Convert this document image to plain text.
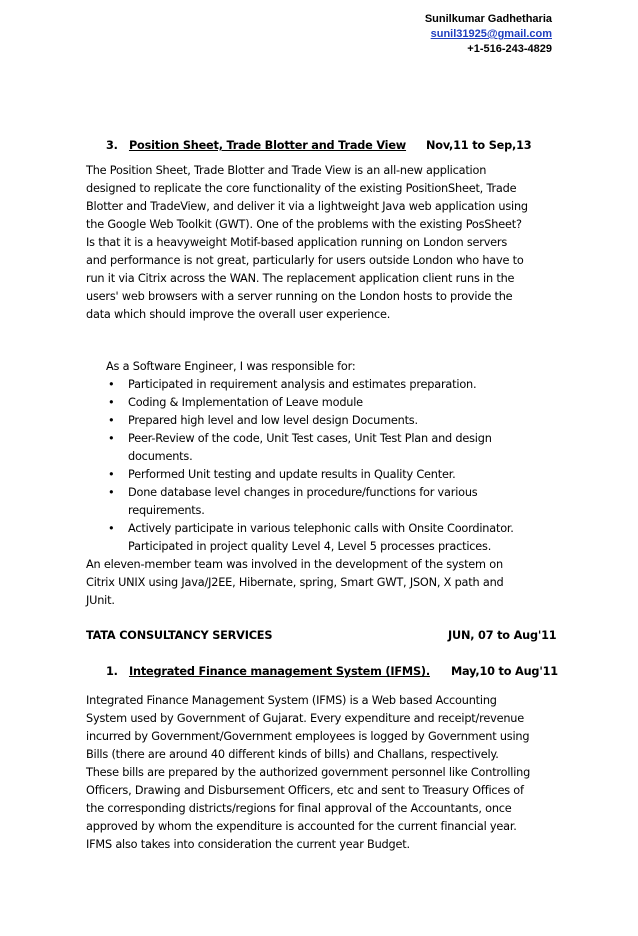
Sunilkumar Gadhetharia
sunil31925@gmail.com
+1-516-243-4829
3. Position Sheet, Trade Blotter and Trade View Nov,11 to Sep,13
The Position Sheet, Trade Blotter and Trade View is an all-new application
designed to replicate the core functionality of the existing PositionSheet, Trade
Blotter and TradeView, and deliver it via a lightweight Java web application using
the Google Web Toolkit (GWT). One of the problems with the existing PosSheet?
Is that it is a heavyweight Motif-based application running on London servers
and performance is not great, particularly for users outside London who have to
run it via Citrix across the WAN. The replacement application client runs in the
users' web browsers with a server running on the London hosts to provide the
data which should improve the overall user experience.
As a Software Engineer, I was responsible for:
• Participated in requirement analysis and estimates preparation.
• Coding & Implementation of Leave module
• Prepared high level and low level design Documents.
• Peer-Review of the code, Unit Test cases, Unit Test Plan and design
documents.
• Performed Unit testing and update results in Quality Center.
• Done database level changes in procedure/functions for various
requirements.
• Actively participate in various telephonic calls with Onsite Coordinator.
Participated in project quality Level 4, Level 5 processes practices.
An eleven-member team was involved in the development of the system on
Citrix UNIX using Java/J2EE, Hibernate, spring, Smart GWT, JSON, X path and
JUnit.
TATA CONSULTANCY SERVICES	JUN, 07 to Aug'11
1. Integrated Finance management System (IFMS). May,10 to Aug'11
Integrated Finance Management System (IFMS) is a Web based Accounting
System used by Government of Gujarat. Every expenditure and receipt/revenue
incurred by Government/Government employees is logged by Government using
Bills (there are around 40 different kinds of bills) and Challans, respectively.
These bills are prepared by the authorized government personnel like Controlling
Officers, Drawing and Disbursement Officers, etc and sent to Treasury Offices of
the corresponding districts/regions for final approval of the Accountants, once
approved by whom the expenditure is accounted for the current financial year.
IFMS also takes into consideration the current year Budget.
